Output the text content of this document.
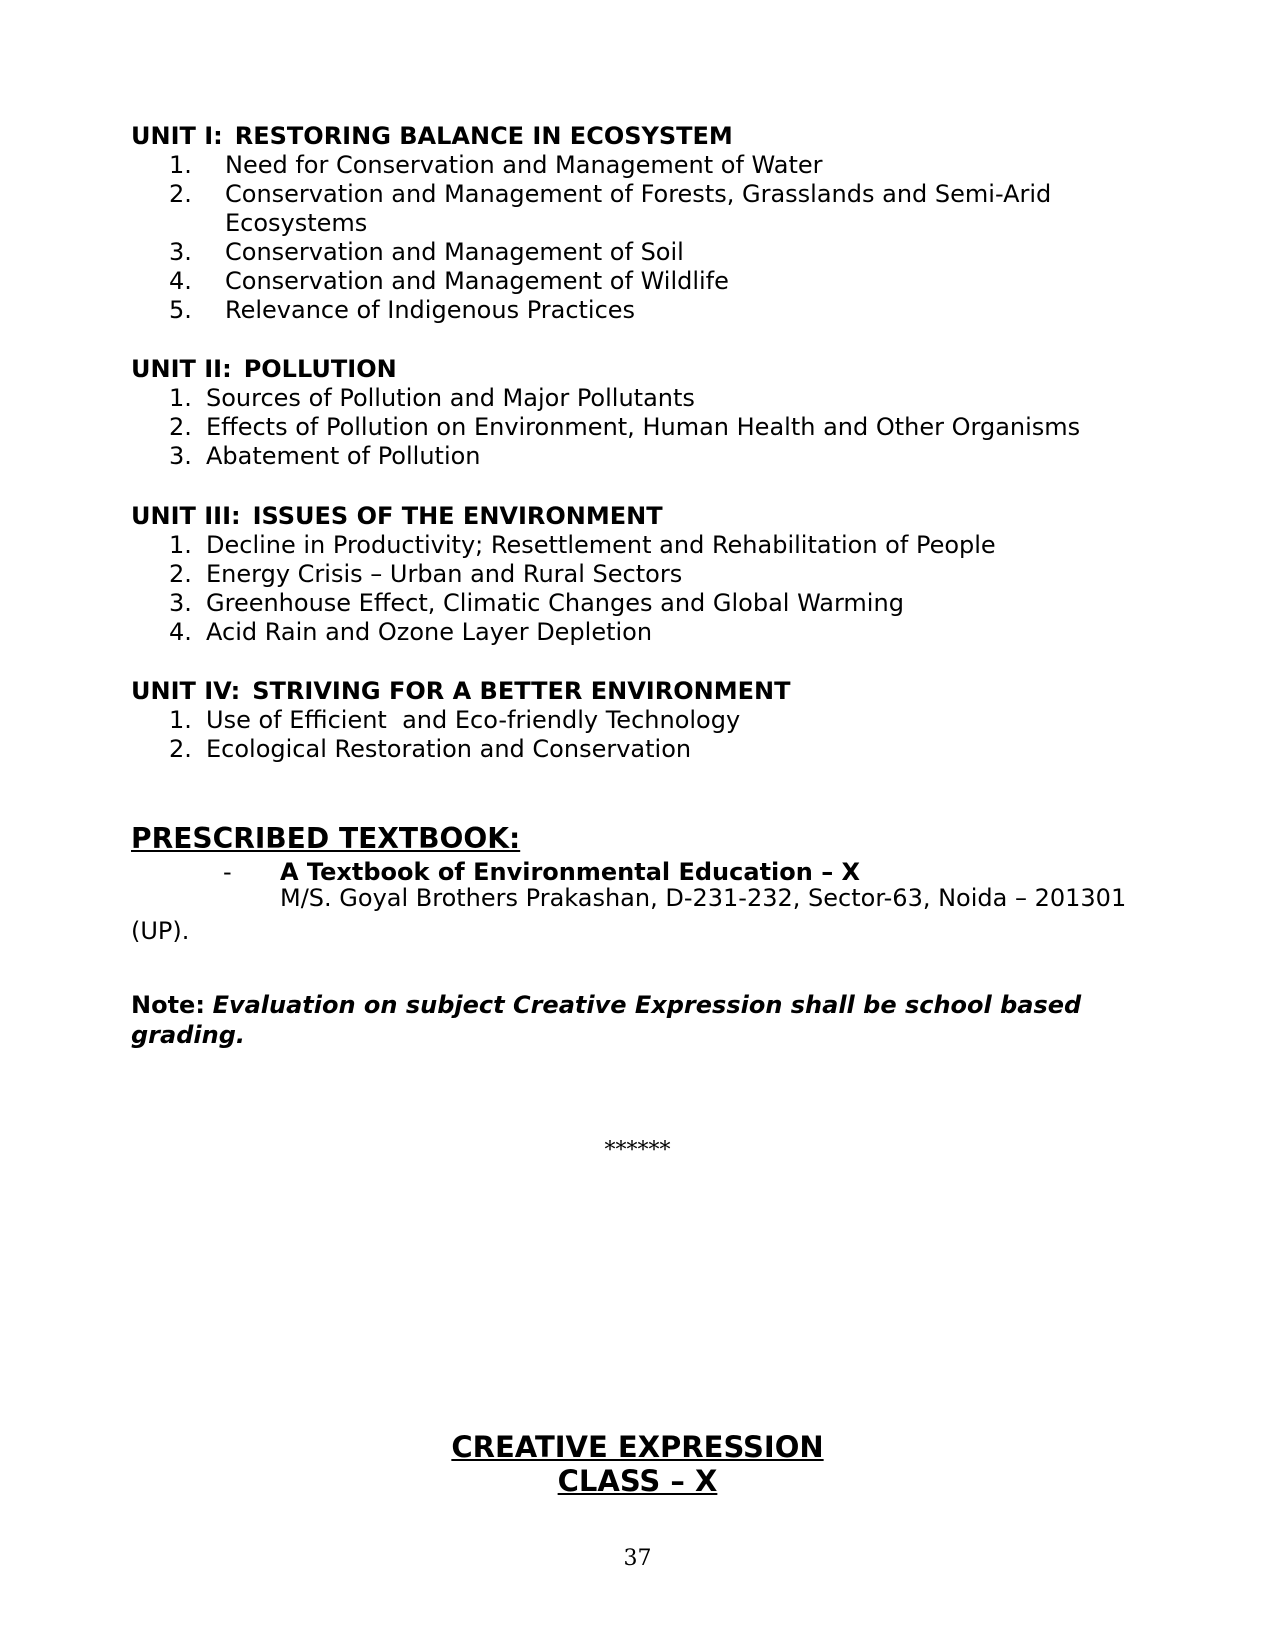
UNIT I: RESTORING BALANCE IN ECOSYSTEM
1. Need for Conservation and Management of Water
2. Conservation and Management of Forests, Grasslands and Semi-Arid Ecosystems
3. Conservation and Management of Soil
4. Conservation and Management of Wildlife
5. Relevance of Indigenous Practices
UNIT II: POLLUTION
1. Sources of Pollution and Major Pollutants
2. Effects of Pollution on Environment, Human Health and Other Organisms
3. Abatement of Pollution
UNIT III: ISSUES OF THE ENVIRONMENT
1. Decline in Productivity; Resettlement and Rehabilitation of People
2. Energy Crisis – Urban and Rural Sectors
3. Greenhouse Effect, Climatic Changes and Global Warming
4. Acid Rain and Ozone Layer Depletion
UNIT IV: STRIVING FOR A BETTER ENVIRONMENT
1. Use of Efficient  and Eco-friendly Technology
2. Ecological Restoration and Conservation
PRESCRIBED TEXTBOOK:
- A Textbook of Environmental Education – X

M/S. Goyal Brothers Prakashan, D-231-232, Sector-63, Noida – 201301 (UP).

Note: Evaluation on subject Creative Expression shall be school based grading.

******
CREATIVE EXPRESSION
CLASS – X
37
